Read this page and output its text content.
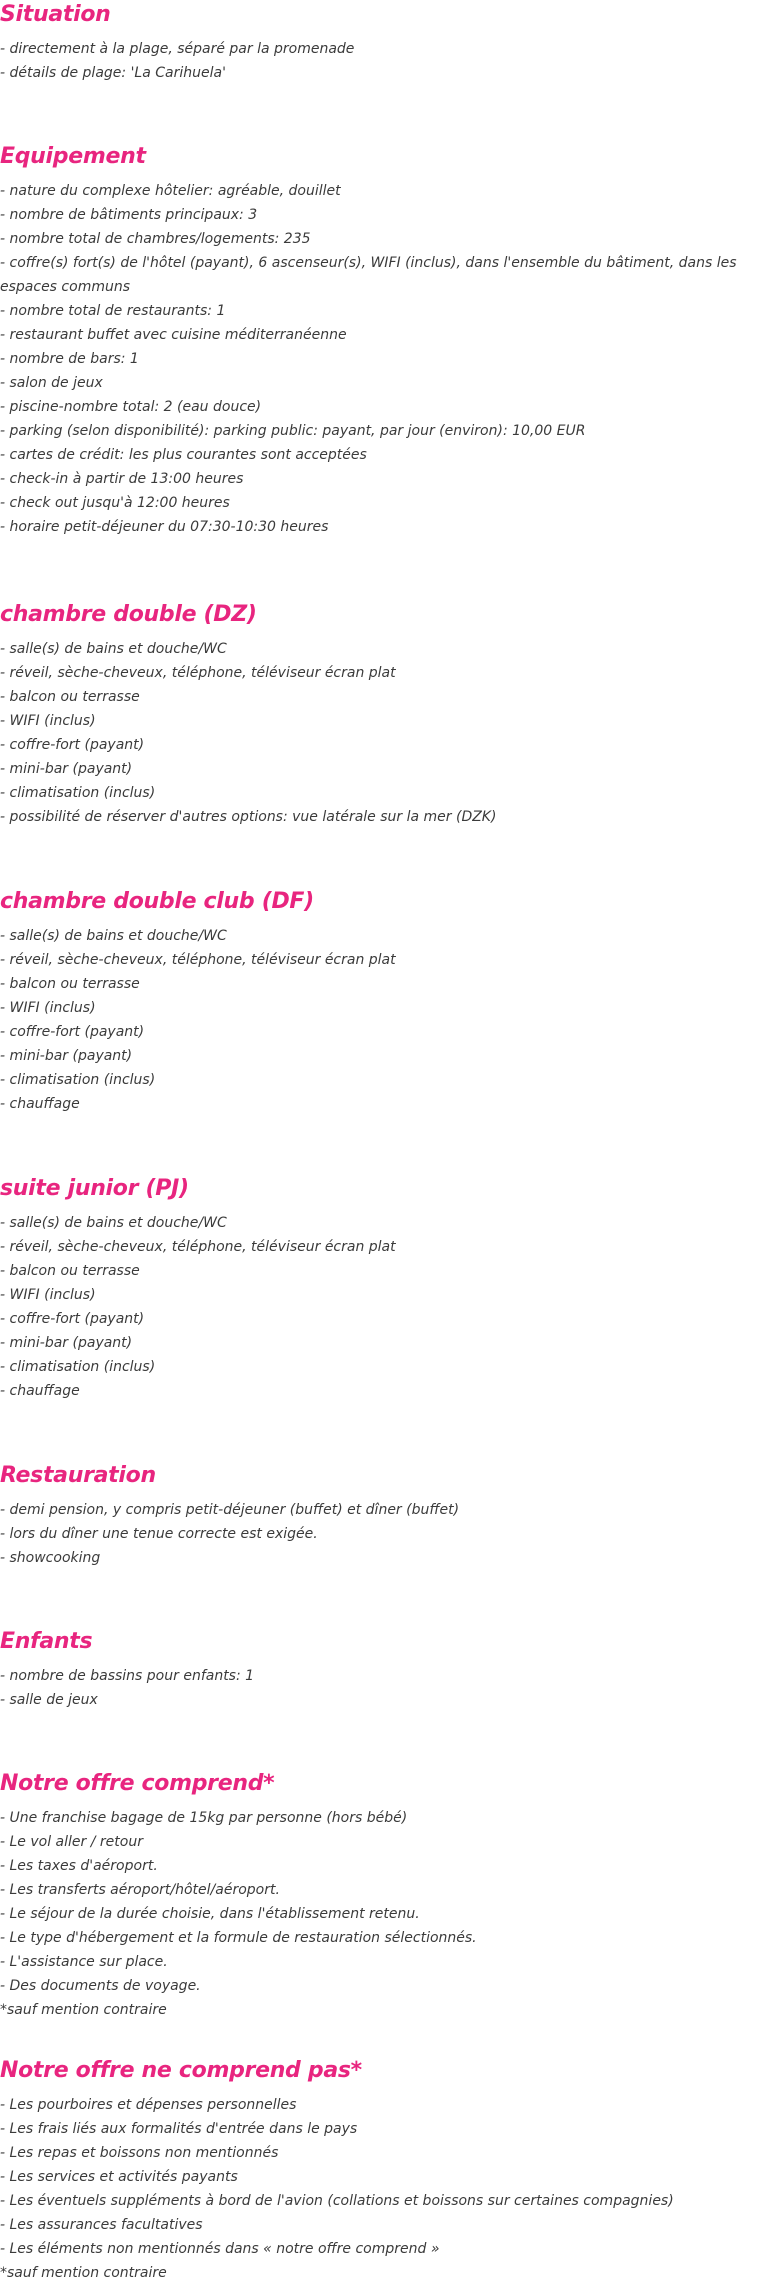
Situation
- directement à la plage, séparé par la promenade
- détails de plage: 'La Carihuela'
Equipement
- nature du complexe hôtelier: agréable, douillet
- nombre de bâtiments principaux: 3
- nombre total de chambres/logements: 235
- coffre(s) fort(s) de l'hôtel (payant), 6 ascenseur(s), WIFI (inclus), dans l'ensemble du bâtiment, dans les espaces communs
- nombre total de restaurants: 1
- restaurant buffet avec cuisine méditerranéenne
- nombre de bars: 1
- salon de jeux
- piscine-nombre total: 2 (eau douce)
- parking (selon disponibilité): parking public: payant, par jour (environ): 10,00 EUR
- cartes de crédit: les plus courantes sont acceptées
- check-in à partir de 13:00 heures
- check out jusqu'à 12:00 heures
- horaire petit-déjeuner du 07:30-10:30 heures
chambre double (DZ)
- salle(s) de bains et douche/WC
- réveil, sèche-cheveux, téléphone, téléviseur écran plat
- balcon ou terrasse
- WIFI (inclus)
- coffre-fort (payant)
- mini-bar (payant)
- climatisation (inclus)
- possibilité de réserver d'autres options: vue latérale sur la mer (DZK)
chambre double club (DF)
- salle(s) de bains et douche/WC
- réveil, sèche-cheveux, téléphone, téléviseur écran plat
- balcon ou terrasse
- WIFI (inclus)
- coffre-fort (payant)
- mini-bar (payant)
- climatisation (inclus)
- chauffage
suite junior (PJ)
- salle(s) de bains et douche/WC
- réveil, sèche-cheveux, téléphone, téléviseur écran plat
- balcon ou terrasse
- WIFI (inclus)
- coffre-fort (payant)
- mini-bar (payant)
- climatisation (inclus)
- chauffage
Restauration
- demi pension, y compris petit-déjeuner (buffet) et dîner (buffet)
- lors du dîner une tenue correcte est exigée.
- showcooking
Enfants
- nombre de bassins pour enfants: 1
- salle de jeux
Notre offre comprend*
- Une franchise bagage de 15kg par personne (hors bébé)
- Le vol aller / retour
- Les taxes d'aéroport.
- Les transferts aéroport/hôtel/aéroport.
- Le séjour de la durée choisie, dans l'établissement retenu.
- Le type d'hébergement et la formule de restauration sélectionnés.
- L'assistance sur place.
- Des documents de voyage.
*sauf mention contraire
Notre offre ne comprend pas*
- Les pourboires et dépenses personnelles
- Les frais liés aux formalités d'entrée dans le pays
- Les repas et boissons non mentionnés
- Les services et activités payants
- Les éventuels suppléments à bord de l'avion (collations et boissons sur certaines compagnies)
- Les assurances facultatives
- Les éléments non mentionnés dans « notre offre comprend »
*sauf mention contraire
